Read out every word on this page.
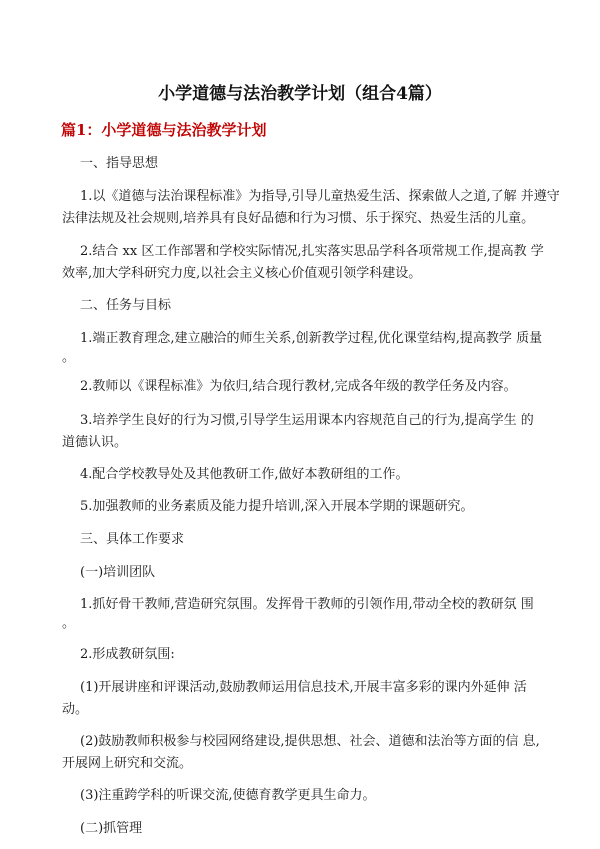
小学道德与法治教学计划（组合4篇）
篇1：小学道德与法治教学计划
一、指导思想
1.以《道德与法治课程标准》为指导,引导儿童热爱生活、探索做人之道,了解 并遵守
法律法规及社会规则,培养具有良好品德和行为习惯、乐于探究、热爱生活的儿童。
2.结合 xx 区工作部署和学校实际情况,扎实落实思品学科各项常规工作,提高教 学
效率,加大学科研究力度,以社会主义核心价值观引领学科建设。
二、任务与目标
1.端正教育理念,建立融洽的师生关系,创新教学过程,优化课堂结构,提高教学 质量
。
2.教师以《课程标准》为依归,结合现行教材,完成各年级的教学任务及内容。
3.培养学生良好的行为习惯,引导学生运用课本内容规范自己的行为,提高学生 的
道德认识。
4.配合学校教导处及其他教研工作,做好本教研组的工作。
5.加强教师的业务素质及能力提升培训,深入开展本学期的课题研究。
三、具体工作要求
(一)培训团队
1.抓好骨干教师,营造研究氛围。发挥骨干教师的引领作用,带动全校的教研氛 围
。
2.形成教研氛围:
(1)开展讲座和评课活动,鼓励教师运用信息技术,开展丰富多彩的课内外延伸 活
动。
(2)鼓励教师积极参与校园网络建设,提供思想、社会、道德和法治等方面的信 息,
开展网上研究和交流。
(3)注重跨学科的听课交流,使德育教学更具生命力。
(二)抓管理
